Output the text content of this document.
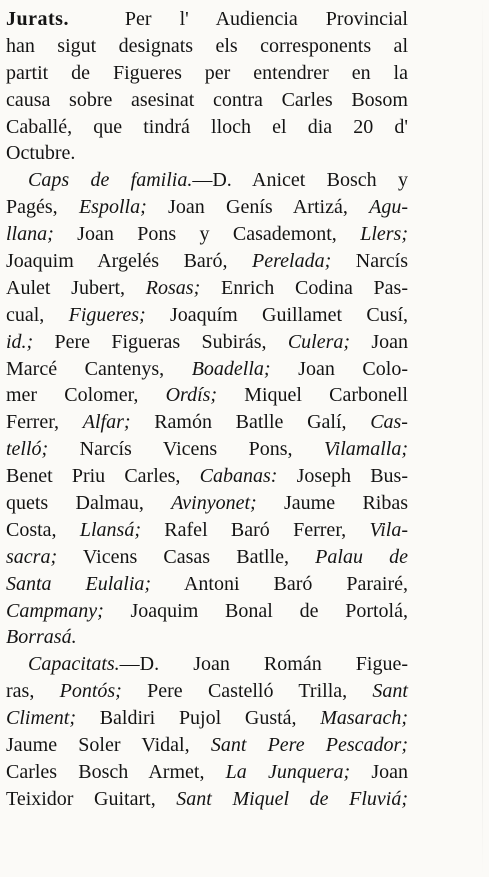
Jurats.  Per l' Audiencia Provincial
han sigut designats els corresponents al
partit de Figueres per entendrer en la
causa sobre asesinat contra Carles Bosom
Caballé, que tindrá lloch el dia 20 d'
Octubre.
Caps de familia.—D. Anicet Bosch y
Pagés, Espolla; Joan Genís Artizá, Agu-
llana; Joan Pons y Casademont, Llers;
Joaquim Argelés Baró, Perelada; Narcís
Aulet Jubert, Rosas; Enrich Codina Pas-
cual, Figueres; Joaquím Guillamet Cusí,
id.; Pere Figueras Subirás, Culera; Joan
Marcé Cantenys, Boadella; Joan Colo-
mer Colomer, Ordís; Miquel Carbonell
Ferrer, Alfar; Ramón Batlle Galí, Cas-
telló; Narcís Vicens Pons, Vilamalla;
Benet Priu Carles, Cabanas: Joseph Bus-
quets Dalmau, Avinyonet; Jaume Ribas
Costa, Llansá; Rafel Baró Ferrer, Vila-
sacra; Vicens Casas Batlle, Palau de
Santa Eulalia; Antoni Baró Parairé,
Campmany; Joaquim Bonal de Portolá,
Borrasá.
Capacitats.—D. Joan Román Figue-
ras, Pontós; Pere Castelló Trilla, Sant
Climent; Baldiri Pujol Gustá, Masarach;
Jaume Soler Vidal, Sant Pere Pescador;
Carles Bosch Armet, La Junquera; Joan
Teixidor Guitart, Sant Miquel de Fluviá;
